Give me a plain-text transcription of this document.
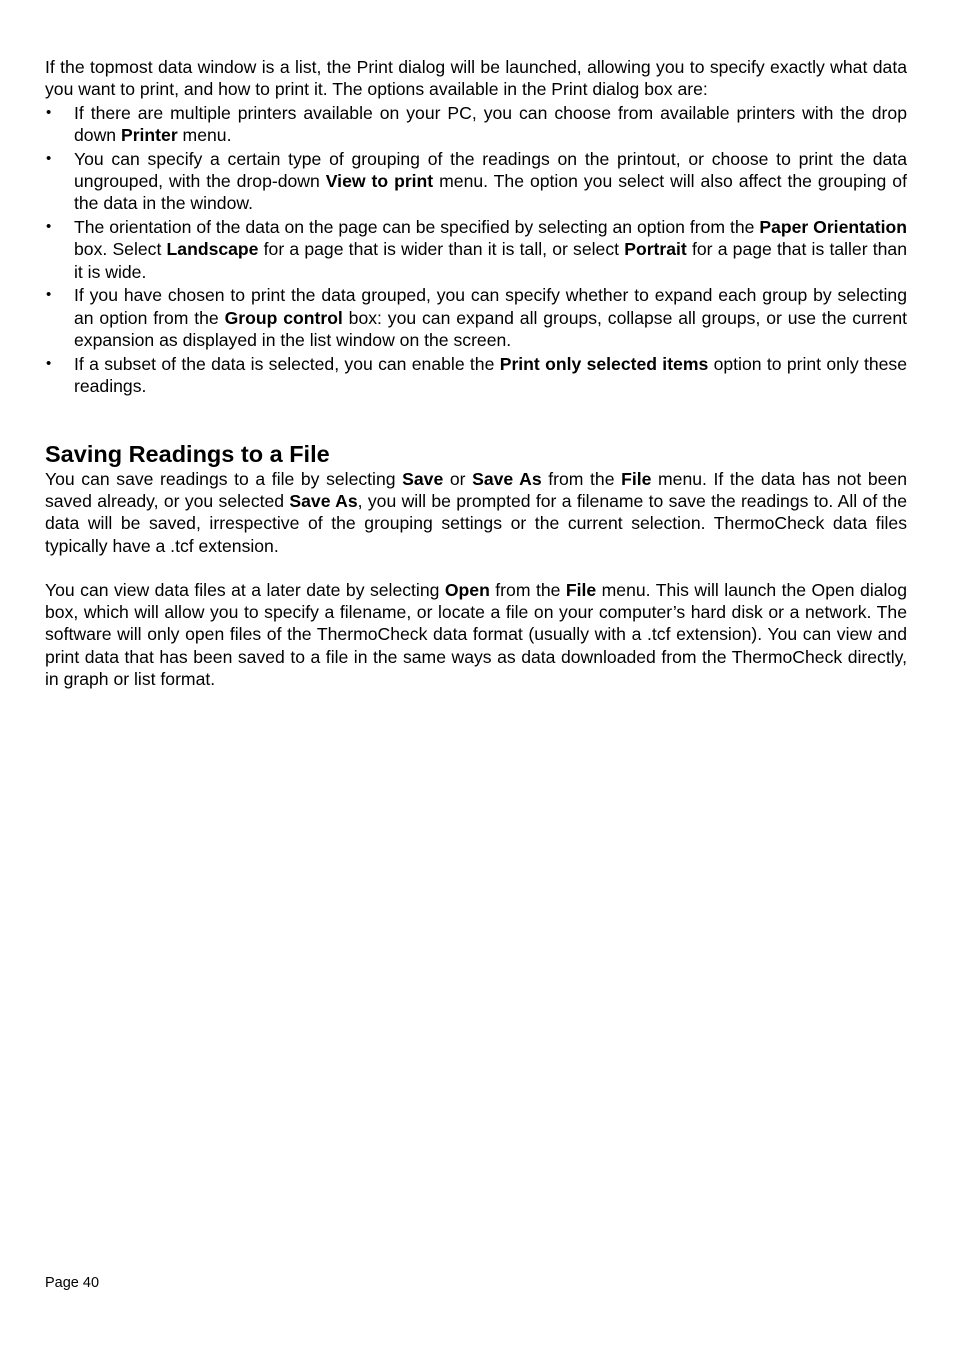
If the topmost data window is a list, the Print dialog will be launched, allowing you to specify exactly what data you want to print, and how to print it. The options available in the Print dialog box are:

• If there are multiple printers available on your PC, you can choose from available printers with the drop down Printer menu.
• You can specify a certain type of grouping of the readings on the printout, or choose to print the data ungrouped, with the drop-down View to print menu. The option you select will also affect the grouping of the data in the window.
• The orientation of the data on the page can be specified by selecting an option from the Paper Orientation box. Select Landscape for a page that is wider than it is tall, or select Portrait for a page that is taller than it is wide.
• If you have chosen to print the data grouped, you can specify whether to expand each group by selecting an option from the Group control box: you can expand all groups, collapse all groups, or use the current expansion as displayed in the list window on the screen.
• If a subset of the data is selected, you can enable the Print only selected items option to print only these readings.
Saving Readings to a File

You can save readings to a file by selecting Save or Save As from the File menu. If the data has not been saved already, or you selected Save As, you will be prompted for a filename to save the readings to. All of the data will be saved, irrespective of the grouping settings or the current selection. ThermoCheck data files typically have a .tcf extension.

You can view data files at a later date by selecting Open from the File menu. This will launch the Open dialog box, which will allow you to specify a filename, or locate a file on your computer’s hard disk or a network. The software will only open files of the ThermoCheck data format (usually with a .tcf extension). You can view and print data that has been saved to a file in the same ways as data downloaded from the ThermoCheck directly, in graph or list format.

Page 40
